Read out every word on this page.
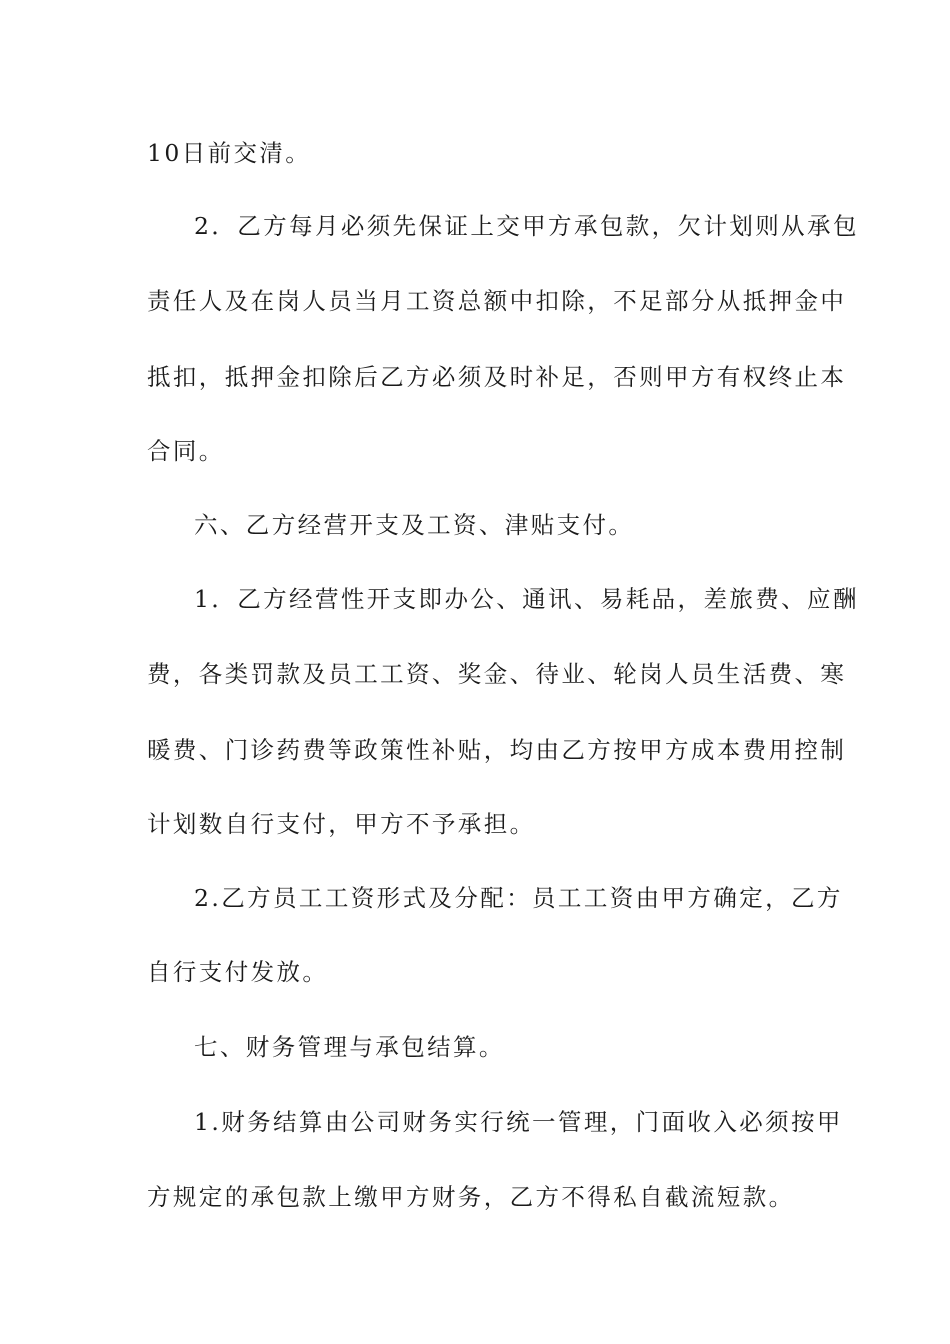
10日前交清。
2．乙方每月必须先保证上交甲方承包款，欠计划则从承包
责任人及在岗人员当月工资总额中扣除，不足部分从抵押金中
抵扣，抵押金扣除后乙方必须及时补足，否则甲方有权终止本
合同。
六、乙方经营开支及工资、津贴支付。
1．乙方经营性开支即办公、通讯、易耗品，差旅费、应酬
费，各类罚款及员工工资、奖金、待业、轮岗人员生活费、寒
暖费、门诊药费等政策性补贴，均由乙方按甲方成本费用控制
计划数自行支付，甲方不予承担。
2.乙方员工工资形式及分配：员工工资由甲方确定，乙方
自行支付发放。
七、财务管理与承包结算。
1.财务结算由公司财务实行统一管理，门面收入必须按甲
方规定的承包款上缴甲方财务，乙方不得私自截流短款。
